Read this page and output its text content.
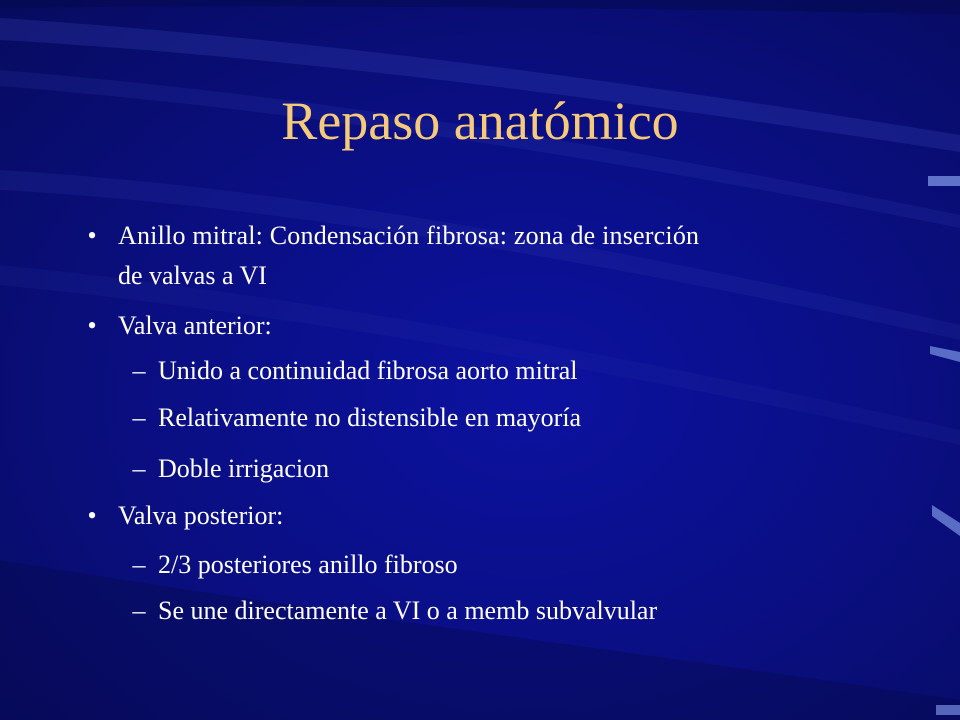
Repaso anatómico
• Anillo mitral: Condensación fibrosa: zona de inserción
de valvas a VI
• Valva anterior:
– Unido a continuidad fibrosa aorto mitral
– Relativamente no distensible en mayoría
– Doble irrigacion
• Valva posterior:
– 2/3 posteriores anillo fibroso
– Se une directamente a VI o a memb subvalvular
